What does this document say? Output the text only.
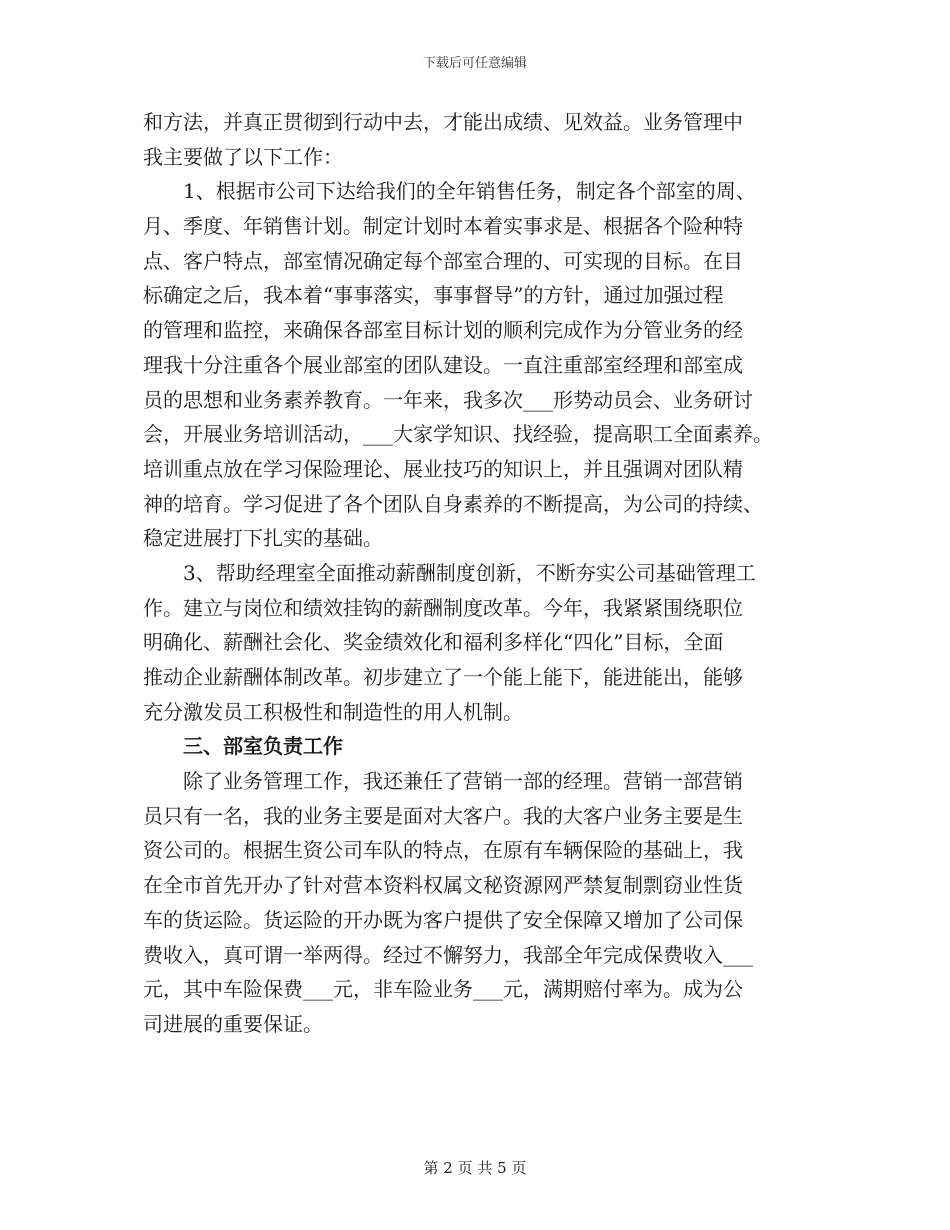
下载后可任意编辑
和方法，并真正贯彻到行动中去，才能出成绩、见效益。业务管理中
我主要做了以下工作：
1、根据市公司下达给我们的全年销售任务，制定各个部室的周、
月、季度、年销售计划。制定计划时本着实事求是、根据各个险种特
点、客户特点，部室情况确定每个部室合理的、可实现的目标。在目
标确定之后，我本着“事事落实，事事督导”的方针，通过加强过程
的管理和监控，来确保各部室目标计划的顺利完成作为分管业务的经
理我十分注重各个展业部室的团队建设。一直注重部室经理和部室成
员的思想和业务素养教育。一年来，我多次___形势动员会、业务研讨
会，开展业务培训活动，___大家学知识、找经验，提高职工全面素养。
培训重点放在学习保险理论、展业技巧的知识上，并且强调对团队精
神的培育。学习促进了各个团队自身素养的不断提高，为公司的持续、
稳定进展打下扎实的基础。
3、帮助经理室全面推动薪酬制度创新，不断夯实公司基础管理工
作。建立与岗位和绩效挂钩的薪酬制度改革。今年，我紧紧围绕职位
明确化、薪酬社会化、奖金绩效化和福利多样化“四化”目标，全面
推动企业薪酬体制改革。初步建立了一个能上能下，能进能出，能够
充分激发员工积极性和制造性的用人机制。
三、部室负责工作
除了业务管理工作，我还兼任了营销一部的经理。营销一部营销
员只有一名，我的业务主要是面对大客户。我的大客户业务主要是生
资公司的。根据生资公司车队的特点，在原有车辆保险的基础上，我
在全市首先开办了针对营本资料权属文秘资源网严禁复制剽窃业性货
车的货运险。货运险的开办既为客户提供了安全保障又增加了公司保
费收入，真可谓一举两得。经过不懈努力，我部全年完成保费收入___
元，其中车险保费___元，非车险业务___元，满期赔付率为。成为公
司进展的重要保证。
第 2 页 共 5 页
